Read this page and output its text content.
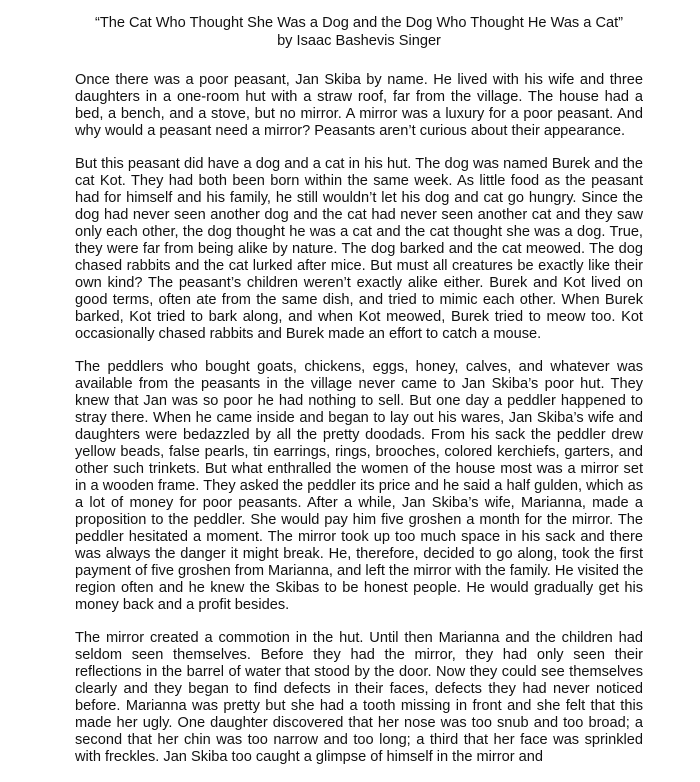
“The Cat Who Thought She Was a Dog and the Dog Who Thought He Was a Cat”
by Isaac Bashevis Singer
Once there was a poor peasant, Jan Skiba by name. He lived with his wife and three
daughters in a one-room hut with a straw roof, far from the village. The house had a
bed, a bench, and a stove, but no mirror. A mirror was a luxury for a poor peasant. And
why would a peasant need a mirror? Peasants aren’t curious about their appearance.
But this peasant did have a dog and a cat in his hut. The dog was named Burek and the
cat Kot. They had both been born within the same week. As little food as the peasant
had for himself and his family, he still wouldn’t let his dog and cat go hungry. Since the
dog had never seen another dog and the cat had never seen another cat and they saw
only each other, the dog thought he was a cat and the cat thought she was a dog. True,
they were far from being alike by nature. The dog barked and the cat meowed. The dog
chased rabbits and the cat lurked after mice. But must all creatures be exactly like their
own kind? The peasant’s children weren’t exactly alike either. Burek and Kot lived on
good terms, often ate from the same dish, and tried to mimic each other. When Burek
barked, Kot tried to bark along, and when Kot meowed, Burek tried to meow too. Kot
occasionally chased rabbits and Burek made an effort to catch a mouse.
The peddlers who bought goats, chickens, eggs, honey, calves, and whatever was
available from the peasants in the village never came to Jan Skiba’s poor hut. They
knew that Jan was so poor he had nothing to sell. But one day a peddler happened to
stray there. When he came inside and began to lay out his wares, Jan Skiba’s wife and
daughters were bedazzled by all the pretty doodads. From his sack the peddler drew
yellow beads, false pearls, tin earrings, rings, brooches, colored kerchiefs, garters, and
other such trinkets. But what enthralled the women of the house most was a mirror set
in a wooden frame. They asked the peddler its price and he said a half gulden, which as
a lot of money for poor peasants. After a while, Jan Skiba’s wife, Marianna, made a
proposition to the peddler. She would pay him five groshen a month for the mirror. The
peddler hesitated a moment. The mirror took up too much space in his sack and there
was always the danger it might break. He, therefore, decided to go along, took the first
payment of five groshen from Marianna, and left the mirror with the family. He visited the
region often and he knew the Skibas to be honest people. He would gradually get his
money back and a profit besides.
The mirror created a commotion in the hut. Until then Marianna and the children had
seldom seen themselves. Before they had the mirror, they had only seen their
reflections in the barrel of water that stood by the door. Now they could see themselves
clearly and they began to find defects in their faces, defects they had never noticed
before. Marianna was pretty but she had a tooth missing in front and she felt that this
made her ugly. One daughter discovered that her nose was too snub and too broad; a
second that her chin was too narrow and too long; a third that her face was sprinkled
with freckles. Jan Skiba too caught a glimpse of himself in the mirror and
